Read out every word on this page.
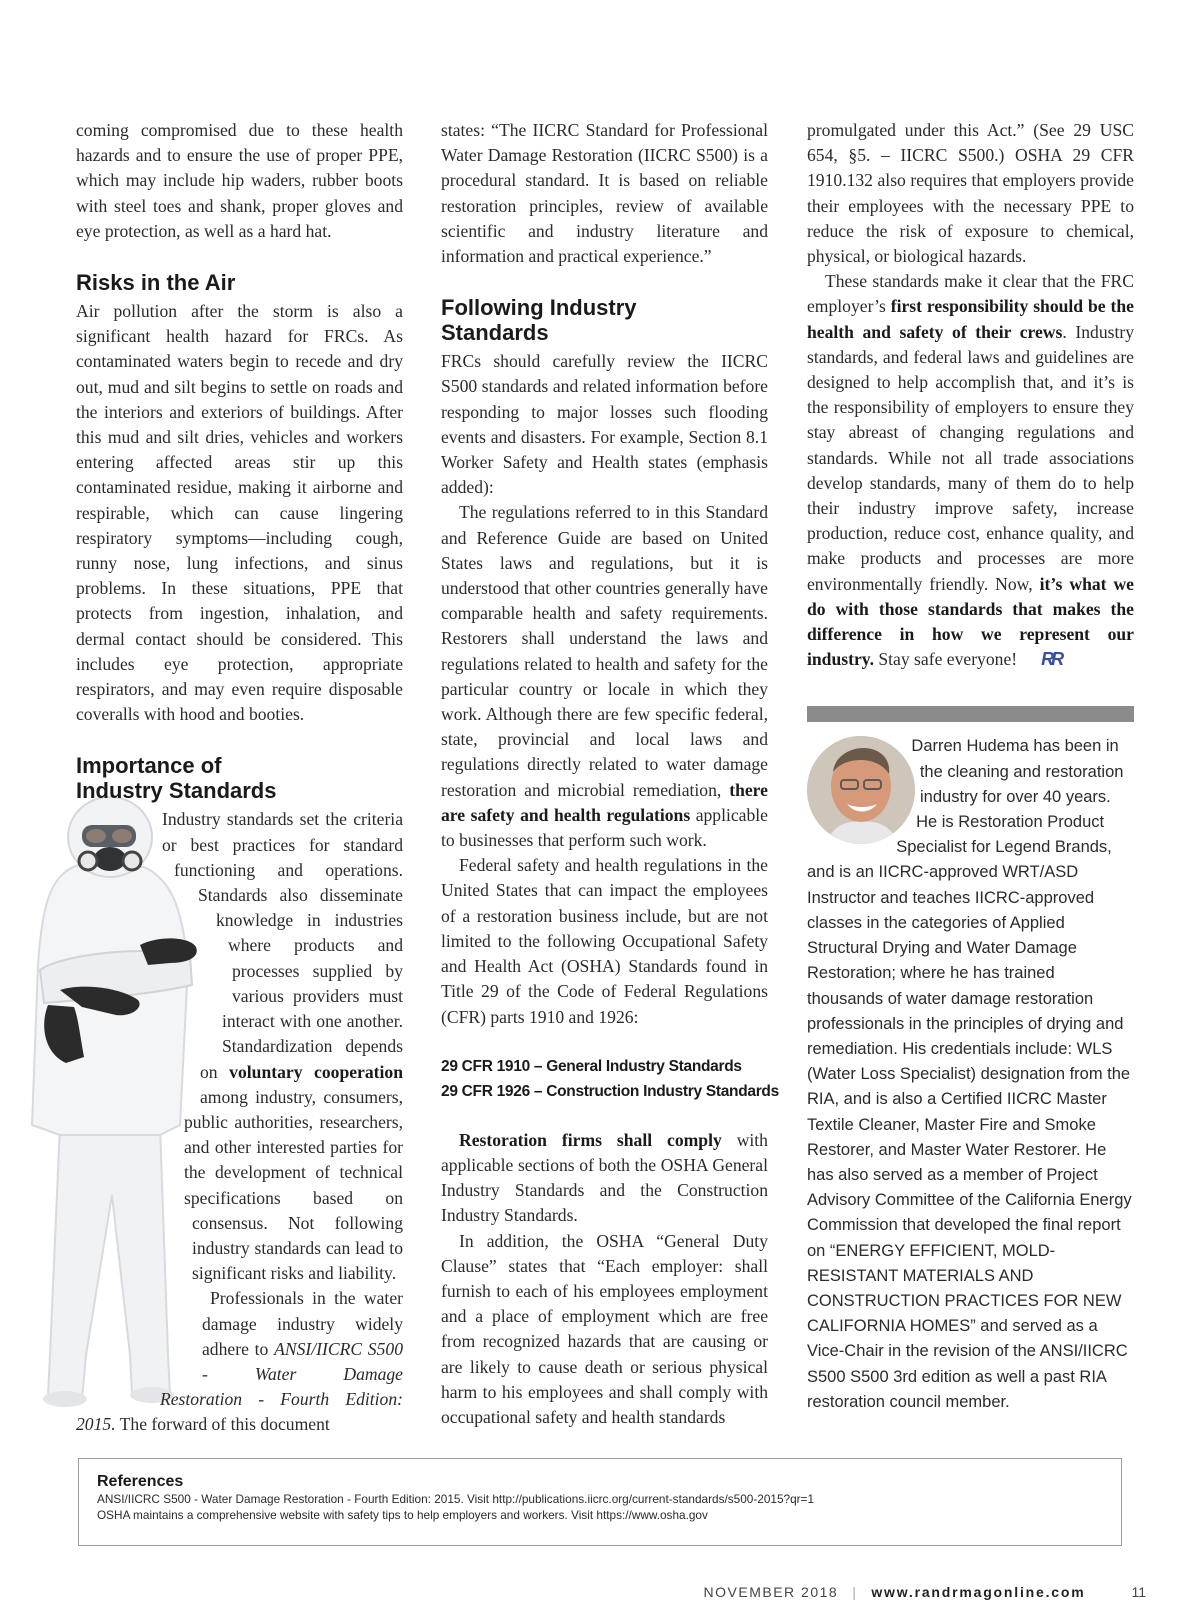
coming compromised due to these health hazards and to ensure the use of proper PPE, which may include hip waders, rubber boots with steel toes and shank, proper gloves and eye protection, as well as a hard hat.

Risks in the Air

Air pollution after the storm is also a significant health hazard for FRCs. As contaminated waters begin to recede and dry out, mud and silt begins to settle on roads and the interiors and exteriors of buildings. After this mud and silt dries, vehicles and workers entering affected areas stir up this contaminated residue, making it airborne and respirable, which can cause lingering respiratory symptoms—including cough, runny nose, lung infections, and sinus problems. In these situations, PPE that protects from ingestion, inhalation, and dermal contact should be considered. This includes eye protection, appropriate respirators, and may even require disposable coveralls with hood and booties.

Importance of
Industry Standards

Industry standards set the criteria or best practices for standard functioning and operations. Standards also disseminate knowledge in industries where products and processes supplied by various providers must interact with one another. Standardization depends on voluntary cooperation among industry, consumers, public authorities, researchers, and other interested parties for the development of technical specifications based on consensus. Not following industry standards can lead to significant risks and liability.

Professionals in the water damage industry widely adhere to ANSI/IICRC S500 - Water Damage Restoration - Fourth Edition: 2015. The forward of this document

states: “The IICRC Standard for Professional Water Damage Restoration (IICRC S500) is a procedural standard. It is based on reliable restoration principles, review of available scientific and industry literature and information and practical experience.”

Following Industry
Standards

FRCs should carefully review the IICRC S500 standards and related information before responding to major losses such flooding events and disasters. For example, Section 8.1 Worker Safety and Health states (emphasis added):

The regulations referred to in this Standard and Reference Guide are based on United States laws and regulations, but it is understood that other countries generally have comparable health and safety requirements. Restorers shall understand the laws and regulations related to health and safety for the particular country or locale in which they work. Although there are few specific federal, state, provincial and local laws and regulations directly related to water damage restoration and microbial remediation, there are safety and health regulations applicable to businesses that perform such work.

Federal safety and health regulations in the United States that can impact the employees of a restoration business include, but are not limited to the following Occupational Safety and Health Act (OSHA) Standards found in Title 29 of the Code of Federal Regulations (CFR) parts 1910 and 1926:

29 CFR 1910 – General Industry Standards
29 CFR 1926 – Construction Industry Standards

Restoration firms shall comply with applicable sections of both the OSHA General Industry Standards and the Construction Industry Standards.

In addition, the OSHA “General Duty Clause” states that “Each employer: shall furnish to each of his employees employment and a place of employment which are free from recognized hazards that are causing or are likely to cause death or serious physical harm to his employees and shall comply with occupational safety and health standards

promulgated under this Act.” (See 29 USC 654, §5. – IICRC S500.) OSHA 29 CFR 1910.132 also requires that employers provide their employees with the necessary PPE to reduce the risk of exposure to chemical, physical, or biological hazards.

These standards make it clear that the FRC employer’s first responsibility should be the health and safety of their crews. Industry standards, and federal laws and guidelines are designed to help accomplish that, and it’s is the responsibility of employers to ensure they stay abreast of changing regulations and standards. While not all trade associations develop standards, many of them do to help their industry improve safety, increase production, reduce cost, enhance quality, and make products and processes are more environmentally friendly. Now, it’s what we do with those standards that makes the difference in how we represent our industry. Stay safe everyone! RR

Darren Hudema has been in the cleaning and restoration industry for over 40 years. He is Restoration Product Specialist for Legend Brands, and is an IICRC-approved WRT/ASD Instructor and teaches IICRC-approved classes in the categories of Applied Structural Drying and Water Damage Restoration; where he has trained thousands of water damage restoration professionals in the principles of drying and remediation. His credentials include: WLS (Water Loss Specialist) designation from the RIA, and is also a Certified IICRC Master Textile Cleaner, Master Fire and Smoke Restorer, and Master Water Restorer. He has also served as a member of Project Advisory Committee of the California Energy Commission that developed the final report on “ENERGY EFFICIENT, MOLD-RESISTANT MATERIALS AND CONSTRUCTION PRACTICES FOR NEW CALIFORNIA HOMES” and served as a Vice-Chair in the revision of the ANSI/IICRC S500 S500 3rd edition as well a past RIA restoration council member.
References
ANSI/IICRC S500 - Water Damage Restoration - Fourth Edition: 2015. Visit http://publications.iicrc.org/current-standards/s500-2015?qr=1
OSHA maintains a comprehensive website with safety tips to help employers and workers. Visit https://www.osha.gov
NOVEMBER 2018 | www.randrmagonline.com	11
